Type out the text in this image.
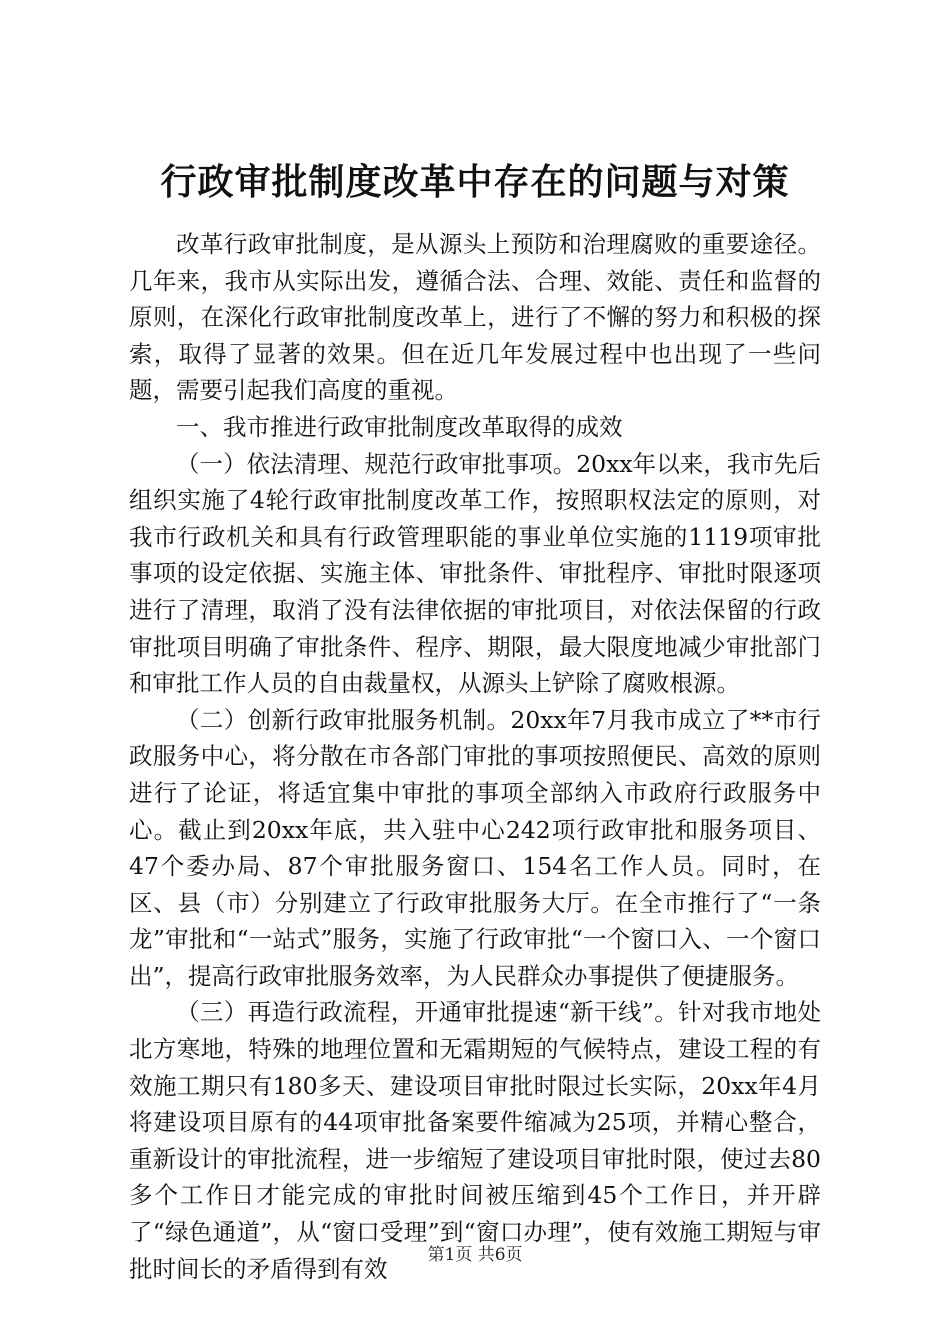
行政审批制度改革中存在的问题与对策

改革行政审批制度，是从源头上预防和治理腐败的重要途径。几年来，我市从实际出发，遵循合法、合理、效能、责任和监督的原则，在深化行政审批制度改革上，进行了不懈的努力和积极的探索，取得了显著的效果。但在近几年发展过程中也出现了一些问题，需要引起我们高度的重视。

一、我市推进行政审批制度改革取得的成效

（一）依法清理、规范行政审批事项。20xx年以来，我市先后组织实施了4轮行政审批制度改革工作，按照职权法定的原则，对我市行政机关和具有行政管理职能的事业单位实施的1119项审批事项的设定依据、实施主体、审批条件、审批程序、审批时限逐项进行了清理，取消了没有法律依据的审批项目，对依法保留的行政审批项目明确了审批条件、程序、期限，最大限度地减少审批部门和审批工作人员的自由裁量权，从源头上铲除了腐败根源。

（二）创新行政审批服务机制。20xx年7月我市成立了**市行政服务中心，将分散在市各部门审批的事项按照便民、高效的原则进行了论证，将适宜集中审批的事项全部纳入市政府行政服务中心。截止到20xx年底，共入驻中心242项行政审批和服务项目、47个委办局、87个审批服务窗口、154名工作人员。同时，在区、县（市）分别建立了行政审批服务大厅。在全市推行了“一条龙”审批和“一站式”服务，实施了行政审批“一个窗口入、一个窗口出”，提高行政审批服务效率，为人民群众办事提供了便捷服务。

（三）再造行政流程，开通审批提速“新干线”。针对我市地处北方寒地，特殊的地理位置和无霜期短的气候特点，建设工程的有效施工期只有180多天、建设项目审批时限过长实际，20xx年4月将建设项目原有的44项审批备案要件缩减为25项，并精心整合，重新设计的审批流程，进一步缩短了建设项目审批时限，使过去80多个工作日才能完成的审批时间被压缩到45个工作日，并开辟了“绿色通道”，从“窗口受理”到“窗口办理”，使有效施工期短与审批时间长的矛盾得到有效	第1页 共6页
